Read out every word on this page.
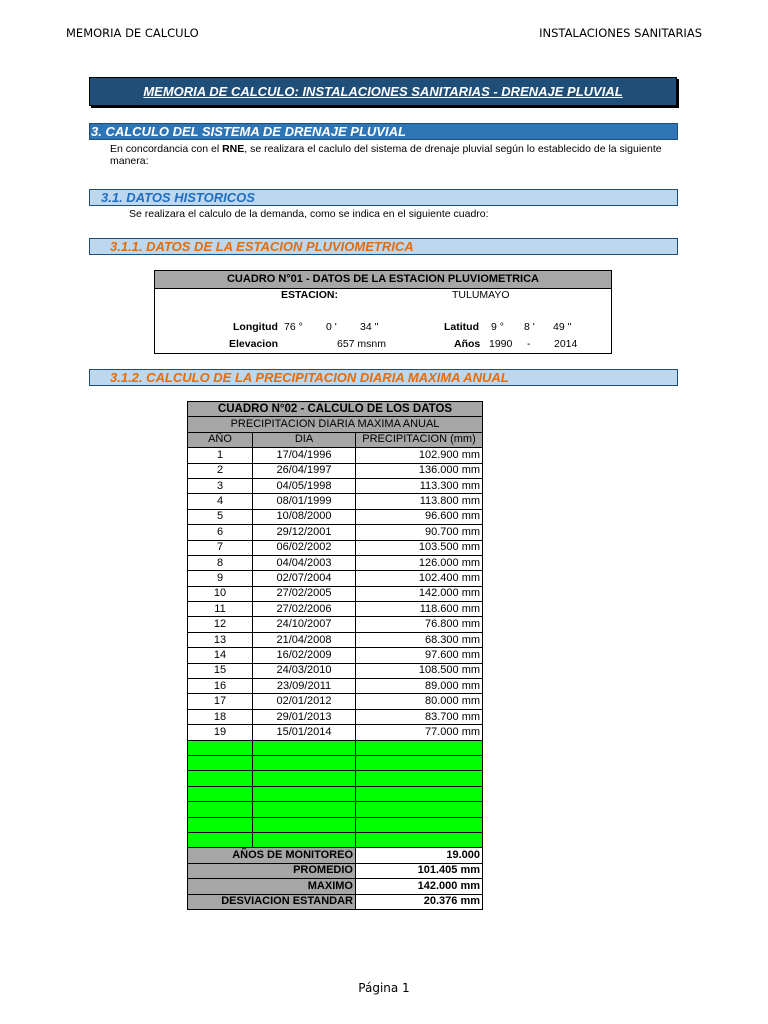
MEMORIA DE CALCULO	INSTALACIONES SANITARIAS
MEMORIA DE CALCULO: INSTALACIONES SANITARIAS - DRENAJE PLUVIAL
3. CALCULO DEL SISTEMA DE DRENAJE PLUVIAL
En concordancia con el RNE, se realizara el caclulo del sistema de drenaje pluvial según lo establecido de la siguiente
manera:
3.1. DATOS HISTORICOS
Se realizara el calculo de la demanda, como se indica en el siguiente cuadro:
3.1.1. DATOS DE LA ESTACION PLUVIOMETRICA
CUADRO N°01 - DATOS DE LA ESTACION PLUVIOMETRICA
ESTACION:	TULUMAYO
Longitud 76 ° 0 ' 34 "	Latitud 9 ° 8 ' 49 "
Elevacion	657 msnm	Años 1990 - 2014
3.1.2. CALCULO DE LA PRECIPITACION DIARIA MAXIMA ANUAL
CUADRO N°02 - CALCULO DE LOS DATOS		
PRECIPITACION DIARIA MAXIMA ANUAL		
AÑO	DIA	PRECIPITACION (mm)
1	17/04/1996	102.900 mm
2	26/04/1997	136.000 mm
3	04/05/1998	113.300 mm
4	08/01/1999	113.800 mm
5	10/08/2000	96.600 mm
6	29/12/2001	90.700 mm
7	06/02/2002	103.500 mm
8	04/04/2003	126.000 mm
9	02/07/2004	102.400 mm
10	27/02/2005	142.000 mm
11	27/02/2006	118.600 mm
12	24/10/2007	76.800 mm
13	21/04/2008	68.300 mm
14	16/02/2009	97.600 mm
15	24/03/2010	108.500 mm
16	23/09/2011	89.000 mm
17	02/01/2012	80.000 mm
18	29/01/2013	83.700 mm
19	15/01/2014	77.000 mm

AÑOS DE MONITOREO		19.000
PROMEDIO		101.405 mm
MAXIMO		142.000 mm
DESVIACION ESTANDAR		20.376 mm
Página 1
